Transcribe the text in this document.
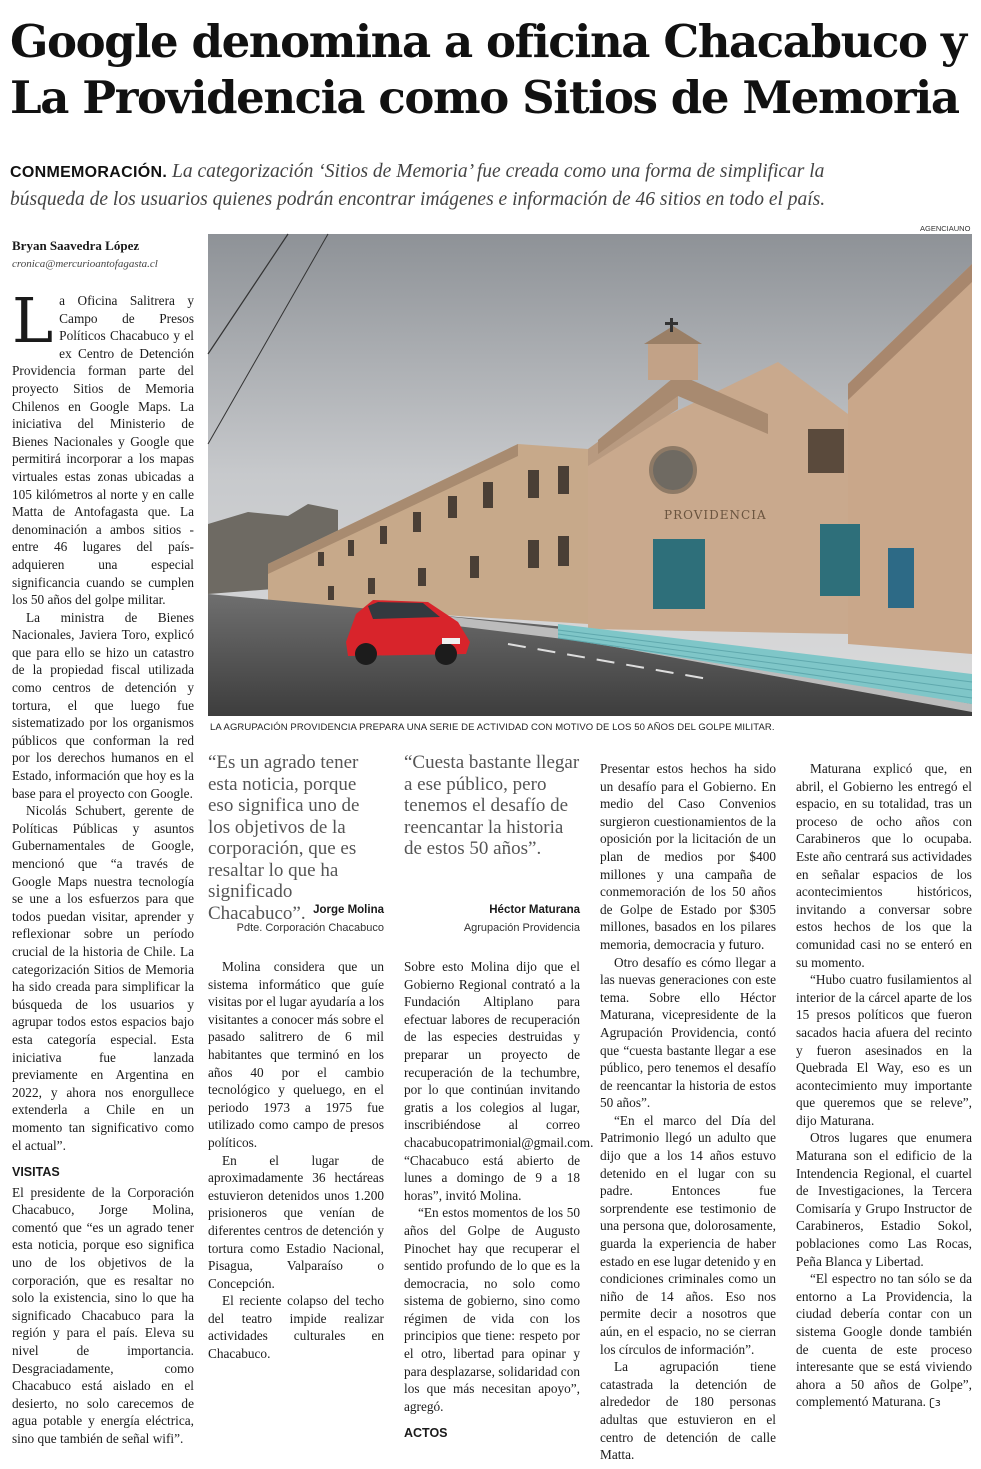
Google denomina a oficina Chacabuco y
La Providencia como Sitios de Memoria
CONMEMORACIÓN. La categorización ‘Sitios de Memoria’ fue creada como una forma de simplificar la
búsqueda de los usuarios quienes podrán encontrar imágenes e información de 46 sitios en todo el país.
AGENCIAUNO
Bryan Saavedra López
cronica@mercurioantofagasta.cl
PROVIDENCIA
LA AGRUPACIÓN PROVIDENCIA PREPARA UNA SERIE DE ACTIVIDAD CON MOTIVO DE LOS 50 AÑOS DEL GOLPE MILITAR.
“Es un agrado tener esta noticia, porque eso significa uno de los objetivos de la corporación, que es resaltar lo que ha significado Chacabuco”. Jorge Molina
Pdte. Corporación Chacabuco
“Cuesta bastante llegar a ese público, pero tenemos el desafío de reencantar la historia de estos 50 años”.
Héctor Maturana
Agrupación Providencia

La Oficina Salitrera y Campo de Presos Políticos Chacabuco y el ex Centro de Detención Providencia forman parte del proyecto Sitios de Memoria Chilenos en Google Maps. La iniciativa del Ministerio de Bienes Nacionales y Google que permitirá incorporar a los mapas virtuales estas zonas ubicadas a 105 kilómetros al norte y en calle Matta de Antofagasta que. La denominación a ambos sitios -entre 46 lugares del país- adquieren una especial significancia cuando se cumplen los 50 años del golpe militar.

La ministra de Bienes Nacionales, Javiera Toro, explicó que para ello se hizo un catastro de la propiedad fiscal utilizada como centros de detención y tortura, el que luego fue sistematizado por los organismos públicos que conforman la red por los derechos humanos en el Estado, información que hoy es la base para el proyecto con Google.

Nicolás Schubert, gerente de Políticas Públicas y asuntos Gubernamentales de Google, mencionó que “a través de Google Maps nuestra tecnología se une a los esfuerzos para que todos puedan visitar, aprender y reflexionar sobre un período crucial de la historia de Chile. La categorización Sitios de Memoria ha sido creada para simplificar la búsqueda de los usuarios y agrupar todos estos espacios bajo esta categoría especial. Esta iniciativa fue lanzada previamente en Argentina en 2022, y ahora nos enorgullece extenderla a Chile en un momento tan significativo como el actual”.

VISITAS

El presidente de la Corporación Chacabuco, Jorge Molina, comentó que “es un agrado tener esta noticia, porque eso significa uno de los objetivos de la corporación, que es resaltar no solo la existencia, sino lo que ha significado Chacabuco para la región y para el país. Eleva su nivel de importancia. Desgraciadamente, como Chacabuco está aislado en el desierto, no solo carecemos de agua potable y energía eléctrica, sino que también de señal wifi”.

Molina considera que un sistema informático que guíe visitas por el lugar ayudaría a los visitantes a conocer más sobre el pasado salitrero de 6 mil habitantes que terminó en los años 40 por el cambio tecnológico y queluego, en el periodo 1973 a 1975 fue utilizado como campo de presos políticos.

En el lugar de aproximadamente 36 hectáreas estuvieron detenidos unos 1.200 prisioneros que venían de diferentes centros de detención y tortura como Estadio Nacional, Pisagua, Valparaíso o Concepción.

El reciente colapso del techo del teatro impide realizar actividades culturales en Chacabuco.

Sobre esto Molina dijo que el Gobierno Regional contrató a la Fundación Altiplano para efectuar labores de recuperación de las especies destruidas y preparar un proyecto de recuperación de la techumbre, por lo que continúan invitando gratis a los colegios al lugar, inscribiéndose al correo chacabucopatrimonial@gmail.com. “Chacabuco está abierto de lunes a domingo de 9 a 18 horas”, invitó Molina.

“En estos momentos de los 50 años del Golpe de Augusto Pinochet hay que recuperar el sentido profundo de lo que es la democracia, no solo como sistema de gobierno, sino como régimen de vida con los principios que tiene: respeto por el otro, libertad para opinar y para desplazarse, solidaridad con los que más necesitan apoyo”, agregó.

ACTOS

Presentar estos hechos ha sido un desafío para el Gobierno. En medio del Caso Convenios surgieron cuestionamientos de la oposición por la licitación de un plan de medios por $400 millones y una campaña de conmemoración de los 50 años de Golpe de Estado por $305 millones, basados en los pilares memoria, democracia y futuro.

Otro desafío es cómo llegar a las nuevas generaciones con este tema. Sobre ello Héctor Maturana, vicepresidente de la Agrupación Providencia, contó que “cuesta bastante llegar a ese público, pero tenemos el desafío de reencantar la historia de estos 50 años”.

“En el marco del Día del Patrimonio llegó un adulto que dijo que a los 14 años estuvo detenido en el lugar con su padre. Entonces fue sorprendente ese testimonio de una persona que, dolorosamente, guarda la experiencia de haber estado en ese lugar detenido y en condiciones criminales como un niño de 14 años. Eso nos permite decir a nosotros que aún, en el espacio, no se cierran los círculos de información”.

La agrupación tiene catastrada la detención de alrededor de 180 personas adultas que estuvieron en el centro de detención de calle Matta.

Maturana explicó que, en abril, el Gobierno les entregó el espacio, en su totalidad, tras un proceso de ocho años con Carabineros que lo ocupaba. Este año centrará sus actividades en señalar espacios de los acontecimientos históricos, invitando a conversar sobre estos hechos de los que la comunidad casi no se enteró en su momento.

“Hubo cuatro fusilamientos al interior de la cárcel aparte de los 15 presos políticos que fueron sacados hacia afuera del recinto y fueron asesinados en la Quebrada El Way, eso es un acontecimiento muy importante que queremos que se releve”, dijo Maturana.

Otros lugares que enumera Maturana son el edificio de la Intendencia Regional, el cuartel de Investigaciones, la Tercera Comisaría y Grupo Instructor de Carabineros, Estadio Sokol, poblaciones como Las Rocas, Peña Blanca y Libertad.

“El espectro no tan sólo se da entorno a La Providencia, la ciudad debería contar con un sistema Google donde también de cuenta de este proceso interesante que se está viviendo ahora a 50 años de Golpe”, complementó Maturana. ʗɜ
